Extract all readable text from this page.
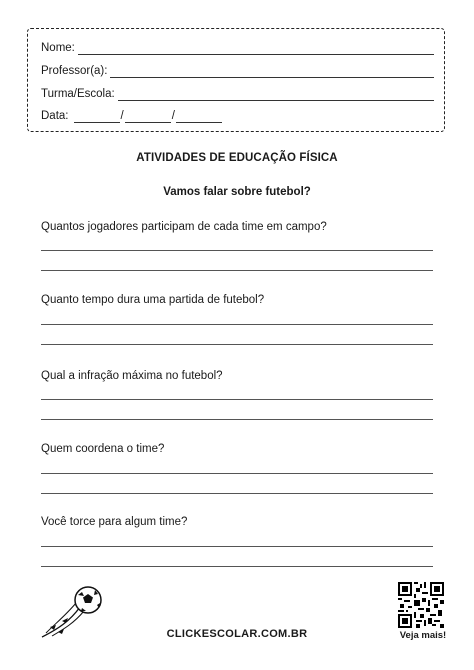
Nome:
Professor(a):
Turma/Escola:
Data:	/	/
ATIVIDADES DE EDUCAÇÃO FÍSICA
Vamos falar sobre futebol?
Quantos jogadores participam de cada time em campo?
Quanto tempo dura uma partida de futebol?
Qual a infração máxima no futebol?
Quem coordena o time?
Você torce para algum time?
CLICKESCOLAR.COM.BR	Veja mais!
